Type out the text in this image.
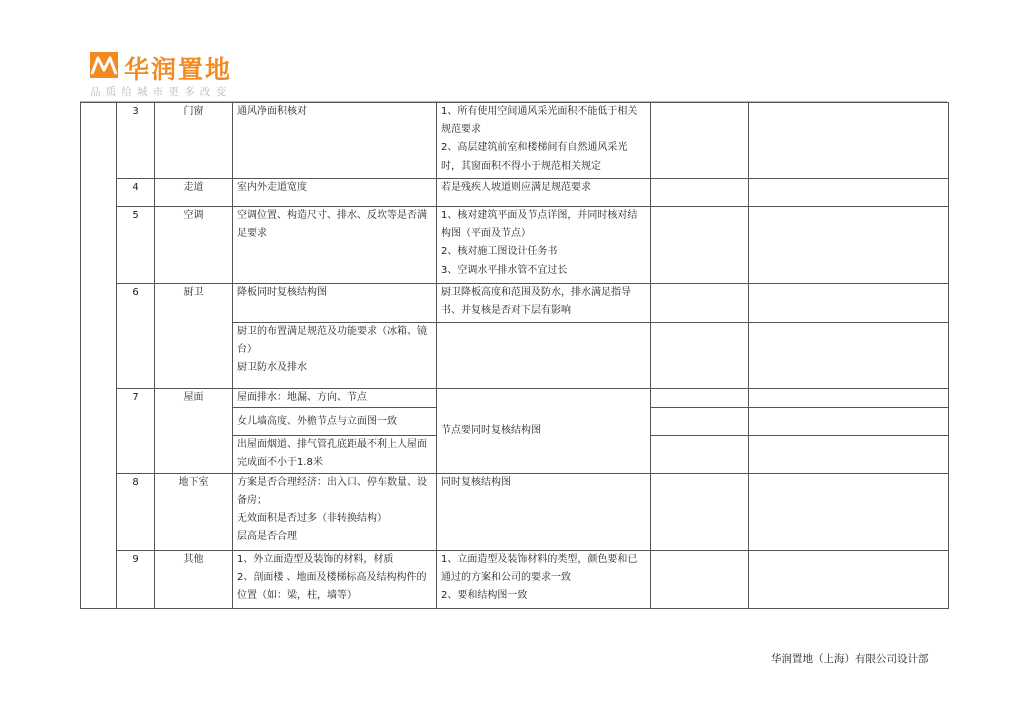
华润置地
品质给城市更多改变
	3	门窗	通风净面积核对	1、所有使用空间通风采光面积不能低于相关规范要求
2、高层建筑前室和楼梯间有自然通风采光时，其窗面积不得小于规范相关规定		

	4	走道	室内外走道宽度	若是残疾人坡道则应满足规范要求		

	5	空调	空调位置、构造尺寸、排水、反坎等是否满足要求	1、核对建筑平面及节点详图，并同时核对结构图（平面及节点）
2、核对施工图设计任务书
3、空调水平排水管不宜过长		

	6	厨卫	降板同时复核结构图	厨卫降板高度和范围及防水，排水满足指导书、并复核是否对下层有影响		

			厨卫的布置满足规范及功能要求（冰箱、镜台）
厨卫防水及排水			

	7	屋面	屋面排水：地漏、方向、节点	节点要同时复核结构图		

			女儿墙高度、外檐节点与立面图一致			

			出屋面烟道、排气管孔底距最不利上人屋面完成面不小于1.8米			

	8	地下室	方案是否合理经济：出入口、停车数量、设备房；
无效面积是否过多（非转换结构）
层高是否合理	同时复核结构图		

	9	其他	1、外立面造型及装饰的材料，材质
2、剖面楼 、地面及楼梯标高及结构构件的位置（如：梁，柱，墙等）	1、立面造型及装饰材料的类型，颜色要和已通过的方案和公司的要求一致
2、要和结构图一致		

华润置地（上海）有限公司设计部
